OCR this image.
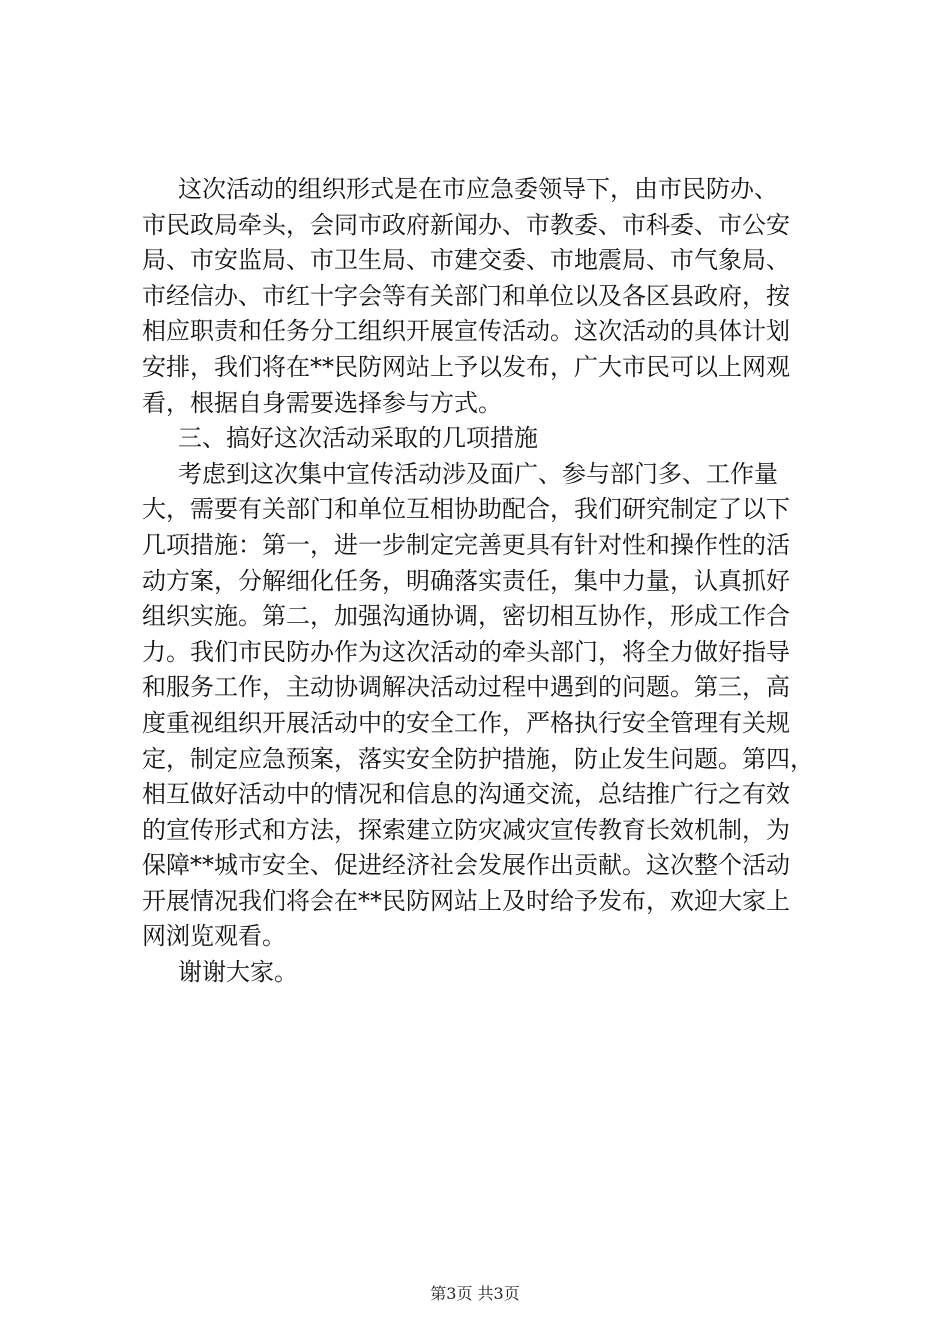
这次活动的组织形式是在市应急委领导下，由市民防办、
市民政局牵头，会同市政府新闻办、市教委、市科委、市公安
局、市安监局、市卫生局、市建交委、市地震局、市气象局、
市经信办、市红十字会等有关部门和单位以及各区县政府，按
相应职责和任务分工组织开展宣传活动。这次活动的具体计划
安排，我们将在**民防网站上予以发布，广大市民可以上网观
看，根据自身需要选择参与方式。
三、搞好这次活动采取的几项措施
考虑到这次集中宣传活动涉及面广、参与部门多、工作量
大，需要有关部门和单位互相协助配合，我们研究制定了以下
几项措施：第一，进一步制定完善更具有针对性和操作性的活
动方案，分解细化任务，明确落实责任，集中力量，认真抓好
组织实施。第二，加强沟通协调，密切相互协作，形成工作合
力。我们市民防办作为这次活动的牵头部门，将全力做好指导
和服务工作，主动协调解决活动过程中遇到的问题。第三，高
度重视组织开展活动中的安全工作，严格执行安全管理有关规
定，制定应急预案，落实安全防护措施，防止发生问题。第四，
相互做好活动中的情况和信息的沟通交流，总结推广行之有效
的宣传形式和方法，探索建立防灾减灾宣传教育长效机制，为
保障**城市安全、促进经济社会发展作出贡献。这次整个活动
开展情况我们将会在**民防网站上及时给予发布，欢迎大家上
网浏览观看。
谢谢大家。
第3页 共3页
